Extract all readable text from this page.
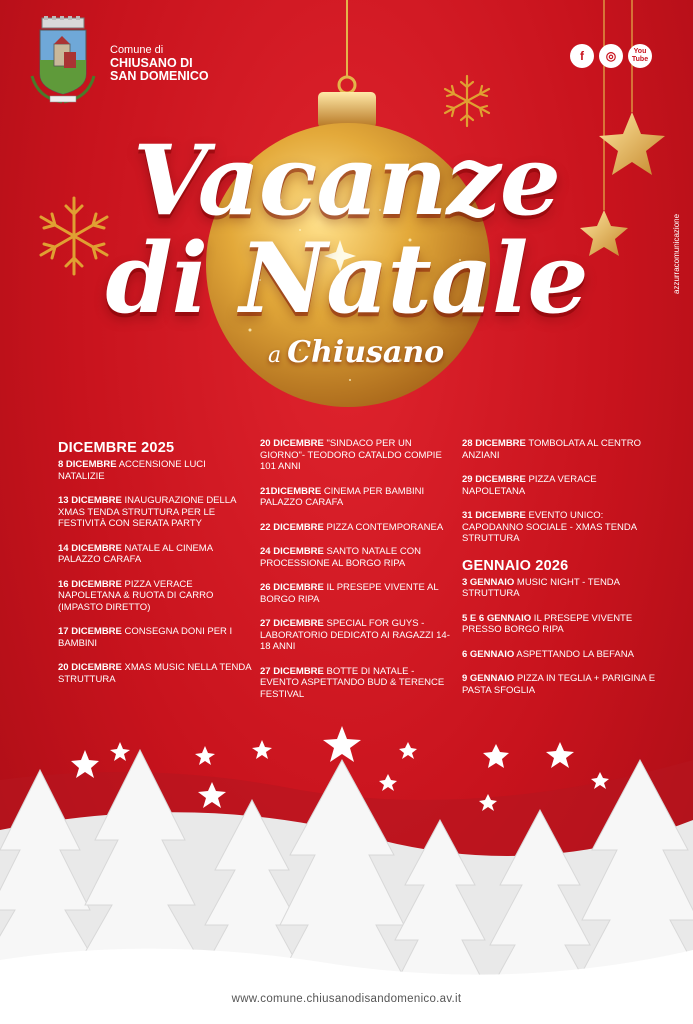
Comune di
CHIUSANO DI
SAN DOMENICO
f	◎	You
Tube
azzurracomunicazione
Vacanze
di Natale
a Chiusano
DICEMBRE 2025
8 DICEMBRE ACCENSIONE LUCI NATALIZIE
13 DICEMBRE INAUGURAZIONE DELLA XMAS TENDA STRUTTURA PER LE FESTIVITÀ CON SERATA PARTY
14 DICEMBRE NATALE AL CINEMA PALAZZO CARAFA
16 DICEMBRE PIZZA VERACE NAPOLETANA & RUOTA DI CARRO (IMPASTO DIRETTO)
17 DICEMBRE CONSEGNA DONI PER I BAMBINI
20 DICEMBRE XMAS MUSIC NELLA TENDA STRUTTURA
20 DICEMBRE "SINDACO PER UN GIORNO"- TEODORO CATALDO COMPIE 101 ANNI
21DICEMBRE CINEMA PER BAMBINI PALAZZO CARAFA
22 DICEMBRE PIZZA CONTEMPORANEA
24 DICEMBRE SANTO NATALE CON PROCESSIONE AL BORGO RIPA
26 DICEMBRE IL PRESEPE VIVENTE AL BORGO RIPA
27 DICEMBRE SPECIAL FOR GUYS - LABORATORIO DEDICATO AI RAGAZZI 14-18 ANNI
27 DICEMBRE BOTTE DI NATALE - EVENTO ASPETTANDO BUD & TERENCE FESTIVAL
28 DICEMBRE TOMBOLATA AL CENTRO ANZIANI
29 DICEMBRE PIZZA VERACE NAPOLETANA
31 DICEMBRE EVENTO UNICO: CAPODANNO SOCIALE - XMAS TENDA STRUTTURA
GENNAIO 2026
3 GENNAIO MUSIC NIGHT - TENDA STRUTTURA
5 E 6 GENNAIO IL PRESEPE VIVENTE PRESSO BORGO RIPA
6 GENNAIO ASPETTANDO LA BEFANA
9 GENNAIO PIZZA IN TEGLIA + PARIGINA E PASTA SFOGLIA
www.comune.chiusanodisandomenico.av.it
